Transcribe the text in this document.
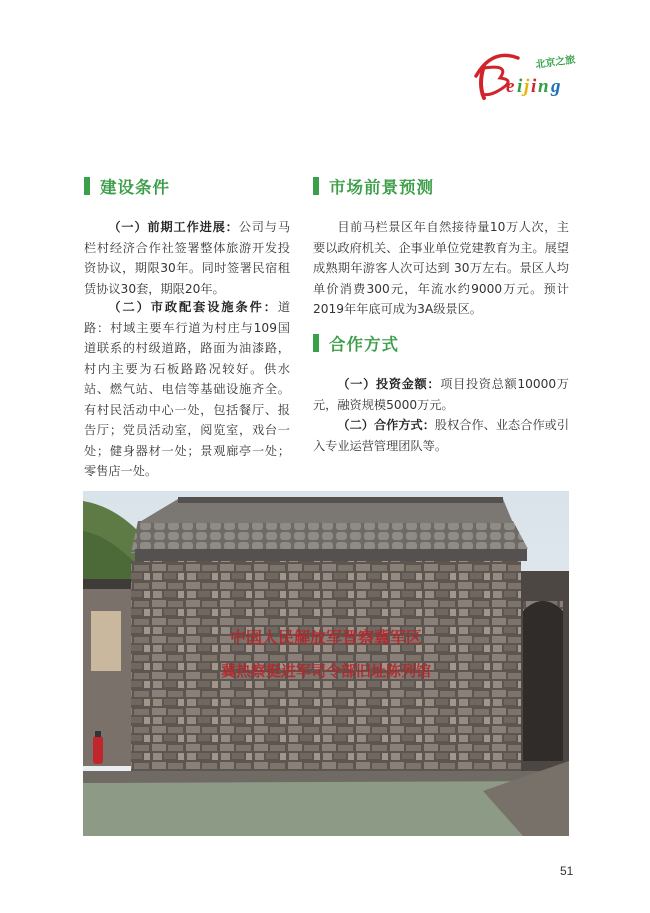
e i j i n g
北京之旅
建设条件
（一）前期工作进展：公司与马栏村经济合作社签署整体旅游开发投资协议，期限30年。同时签署民宿租赁协议30套，期限20年。
（二）市政配套设施条件：道路：村域主要车行道为村庄与109国道联系的村级道路，路面为油漆路，村内主要为石板路路况较好。供水站、燃气站、电信等基础设施齐全。有村民活动中心一处，包括餐厅、报告厅；党员活动室，阅览室，戏台一处；健身器材一处；景观廊亭一处；零售店一处。
市场前景预测
目前马栏景区年自然接待量10万人次，主要以政府机关、企事业单位党建教育为主。展望成熟期年游客人次可达到 30万左右。景区人均单价消费300元，年流水约9000万元。预计2019年年底可成为3A级景区。
合作方式
（一）投资金额：项目投资总额10000万元，融资规模5000万元。
（二）合作方式：股权合作、业态合作或引入专业运营管理团队等。
中国人民解放军晋察冀军区
冀热察挺进军司令部旧址陈列馆
51
